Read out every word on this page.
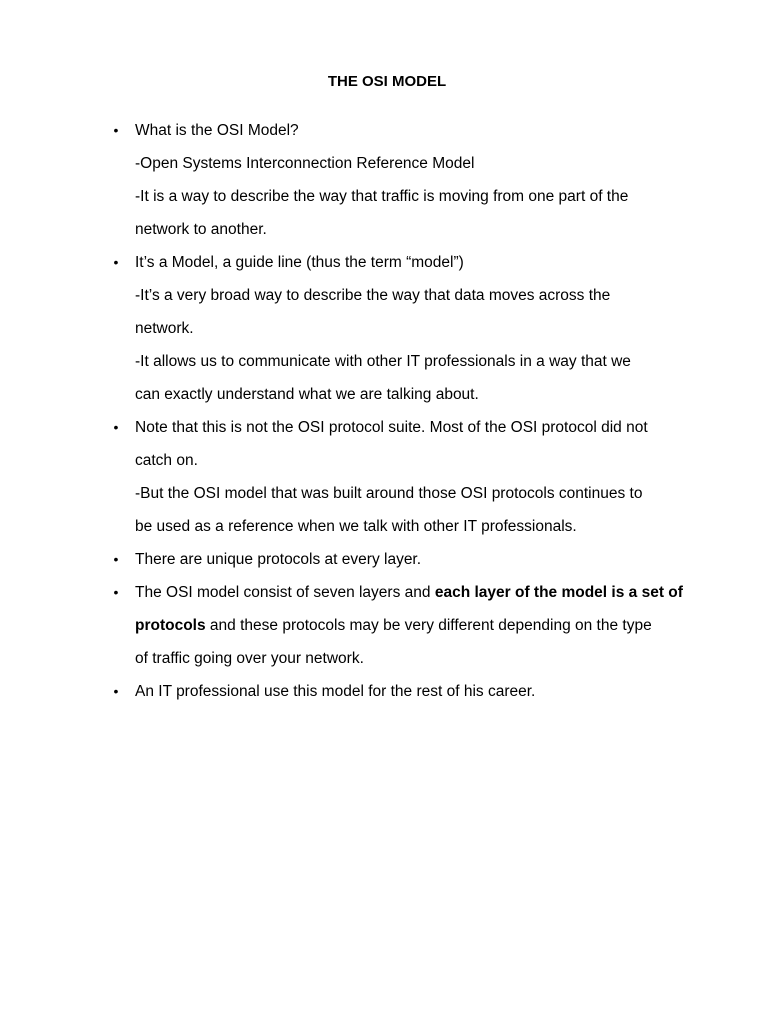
THE OSI MODEL
• What is the OSI Model?
-Open Systems Interconnection Reference Model
-It is a way to describe the way that traffic is moving from one part of the
network to another.
• It’s a Model, a guide line (thus the term “model”)
-It’s a very broad way to describe the way that data moves across the
network.
-It allows us to communicate with other IT professionals in a way that we
can exactly understand what we are talking about.
• Note that this is not the OSI protocol suite. Most of the OSI protocol did not
catch on.
-But the OSI model that was built around those OSI protocols continues to
be used as a reference when we talk with other IT professionals.
• There are unique protocols at every layer.
• The OSI model consist of seven layers and each layer of the model is a set of
protocols and these protocols may be very different depending on the type
of traffic going over your network.
• An IT professional use this model for the rest of his career.
